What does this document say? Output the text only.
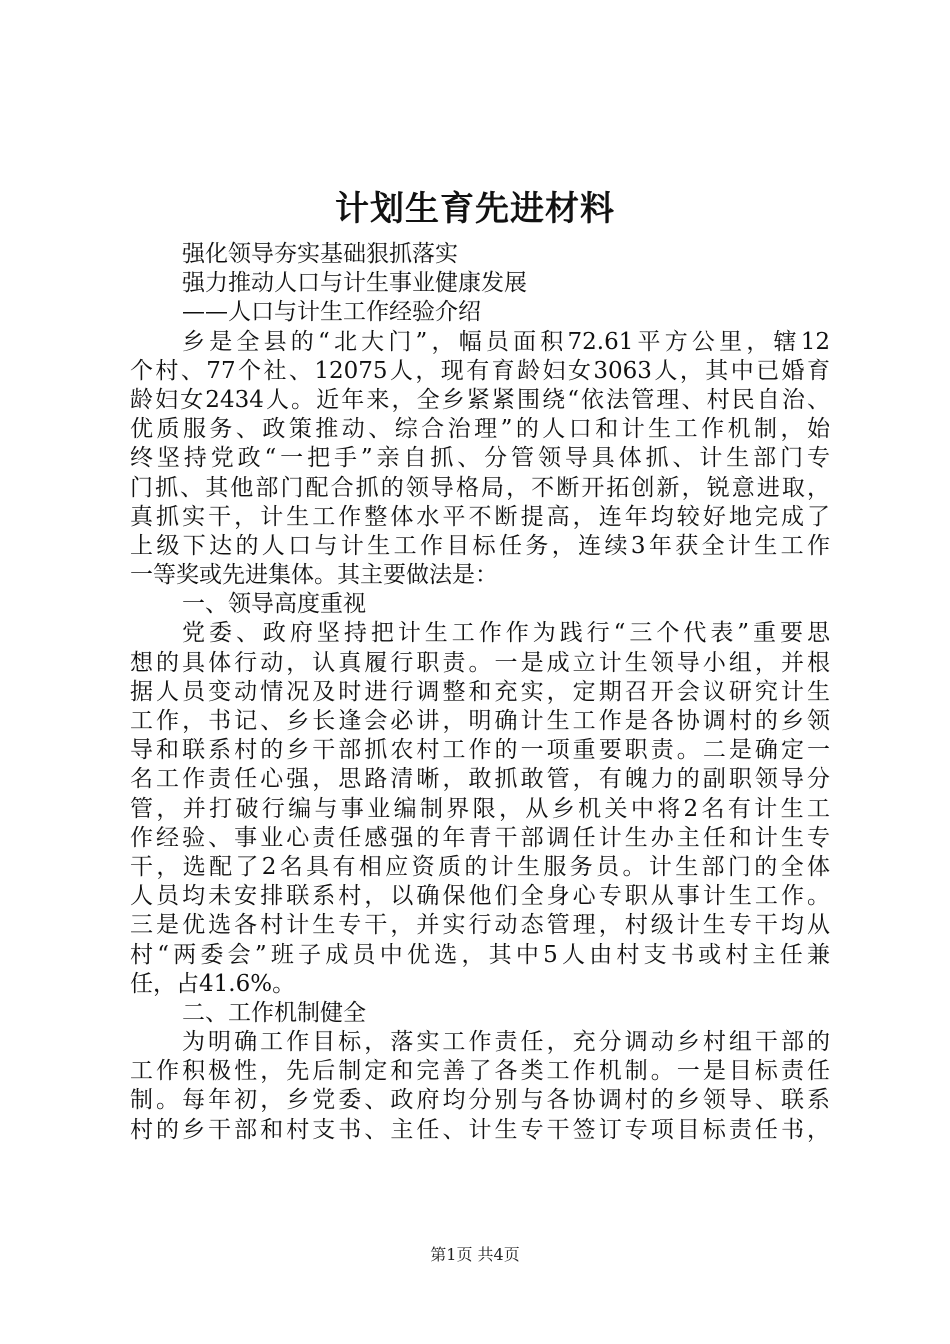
计划生育先进材料
强化领导夯实基础狠抓落实
强力推动人口与计生事业健康发展
——人口与计生工作经验介绍
乡是全县的“北大门”，幅员面积72.61平方公里，辖12
个村、77个社、12075人，现有育龄妇女3063人，其中已婚育
龄妇女2434人。近年来，全乡紧紧围绕“依法管理、村民自治、
优质服务、政策推动、综合治理”的人口和计生工作机制，始
终坚持党政“一把手”亲自抓、分管领导具体抓、计生部门专
门抓、其他部门配合抓的领导格局，不断开拓创新，锐意进取，
真抓实干，计生工作整体水平不断提高，连年均较好地完成了
上级下达的人口与计生工作目标任务，连续3年获全计生工作
一等奖或先进集体。其主要做法是：
一、领导高度重视
党委、政府坚持把计生工作作为践行“三个代表”重要思
想的具体行动，认真履行职责。一是成立计生领导小组，并根
据人员变动情况及时进行调整和充实，定期召开会议研究计生
工作，书记、乡长逢会必讲，明确计生工作是各协调村的乡领
导和联系村的乡干部抓农村工作的一项重要职责。二是确定一
名工作责任心强，思路清晰，敢抓敢管，有魄力的副职领导分
管，并打破行编与事业编制界限，从乡机关中将2名有计生工
作经验、事业心责任感强的年青干部调任计生办主任和计生专
干，选配了2名具有相应资质的计生服务员。计生部门的全体
人员均未安排联系村，以确保他们全身心专职从事计生工作。
三是优选各村计生专干，并实行动态管理，村级计生专干均从
村“两委会”班子成员中优选，其中5人由村支书或村主任兼
任，占41.6%。
二、工作机制健全
为明确工作目标，落实工作责任，充分调动乡村组干部的
工作积极性，先后制定和完善了各类工作机制。一是目标责任
制。每年初，乡党委、政府均分别与各协调村的乡领导、联系
村的乡干部和村支书、主任、计生专干签订专项目标责任书，
第1页 共4页
